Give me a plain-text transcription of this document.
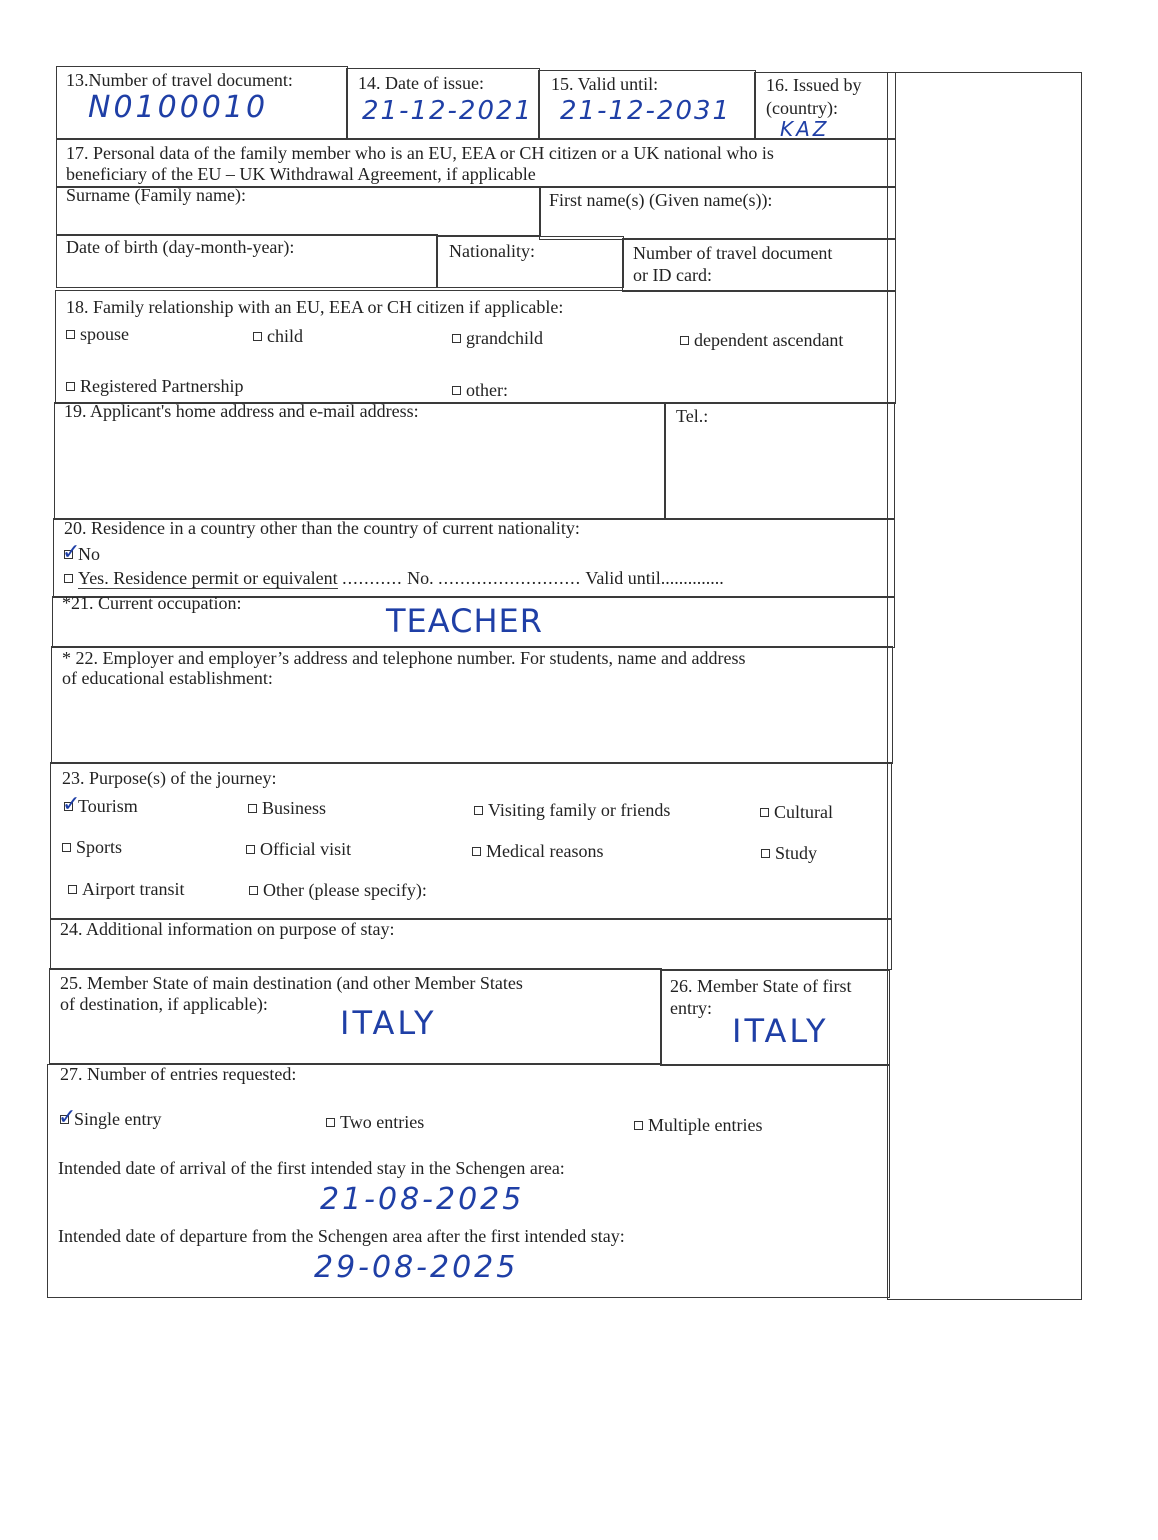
13.Number of travel document:
N0100010
14. Date of issue:
21-12-2021
15. Valid until:
21-12-2031
16. Issued by
(country):
KAZ
17. Personal data of the family member who is an EU, EEA or CH citizen or a UK national who is
beneficiary of the EU – UK Withdrawal Agreement, if applicable
Surname (Family name):	First name(s) (Given name(s)):
Date of birth (day-month-year):	Nationality:	Number of travel document
or ID card:
18. Family relationship with an EU, EEA or CH citizen if applicable:
spouse	child	grandchild	dependent ascendant
Registered Partnership	other:
19. Applicant's home address and e-mail address:	Tel.:
20. Residence in a country other than the country of current nationality:
✓
No
Yes. Residence permit or equivalent ........... No. .......................... Valid until..............
*21. Current occupation:	TEACHER
* 22. Employer and employer’s address and telephone number. For students, name and address
of educational establishment:
23. Purpose(s) of the journey:
✓
Tourism	Business	Visiting family or friends	Cultural
Sports	Official visit	Medical reasons	Study
Airport transit	Other (please specify):
24. Additional information on purpose of stay:
25. Member State of main destination (and other Member States
of destination, if applicable): ITALY
26. Member State of first
entry:
ITALY
27. Number of entries requested:
✓
Single entry	Two entries	Multiple entries
Intended date of arrival of the first intended stay in the Schengen area:
21-08-2025
Intended date of departure from the Schengen area after the first intended stay:
29-08-2025
